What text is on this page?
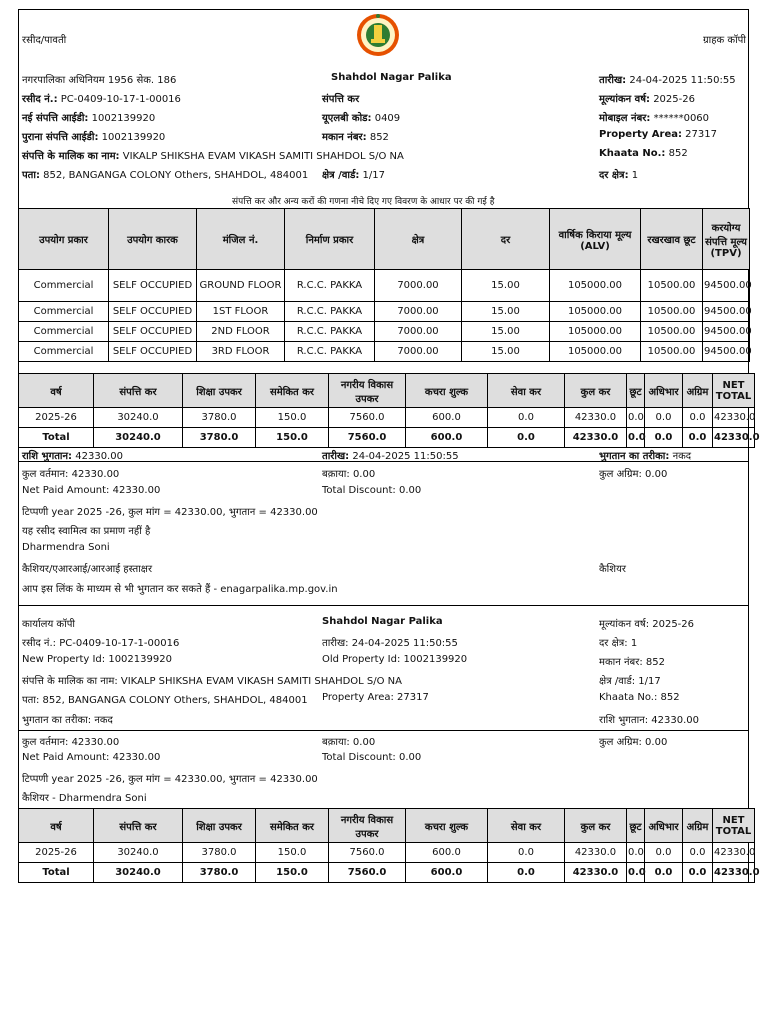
रसीद/पावती	ग्राहक कॉपी
नगरपालिका अधिनियम 1956 सेक. 186	Shahdol Nagar Palika	तारीख: 24-04-2025 11:50:55
रसीद नं.: PC-0409-10-17-1-00016	संपत्ति कर	मूल्यांकन वर्ष: 2025-26
नई संपत्ति आईडी: 1002139920	यूएलबी कोड: 0409	मोबाइल नंबर: ******0060
पुराना संपत्ति आईडी: 1002139920	मकान नंबर: 852	Property Area: 27317
संपत्ति के मालिक का नाम: VIKALP SHIKSHA EVAM VIKASH SAMITI SHAHDOL S/O NA	Khaata No.: 852
पता: 852, BANGANGA COLONY Others, SHAHDOL, 484001 क्षेत्र /वार्ड: 1/17	दर क्षेत्र: 1
संपत्ति कर और अन्य करों की गणना नीचे दिए गए विवरण के आधार पर की गई है
उपयोग प्रकार	उपयोग कारक	मंजिल नं.	निर्माण प्रकार	क्षेत्र	दर	वार्षिक किराया मूल्य (ALV)	रखरखाव छूट	करयोग्य संपत्ति मूल्य (TPV)
Commercial	SELF OCCUPIED	GROUND FLOOR	R.C.C. PAKKA	7000.00	15.00	105000.00	10500.00	94500.00
Commercial	SELF OCCUPIED	1ST FLOOR	R.C.C. PAKKA	7000.00	15.00	105000.00	10500.00	94500.00
Commercial	SELF OCCUPIED	2ND FLOOR	R.C.C. PAKKA	7000.00	15.00	105000.00	10500.00	94500.00
Commercial	SELF OCCUPIED	3RD FLOOR	R.C.C. PAKKA	7000.00	15.00	105000.00	10500.00	94500.00
वर्ष	संपत्ति कर	शिक्षा उपकर	समेकित कर	नगरीय विकास उपकर	कचरा शुल्क	सेवा कर	कुल कर	छूट	अधिभार	अग्रिम	NET TOTAL
2025-26	30240.0	3780.0	150.0	7560.0	600.0	0.0	42330.0	0.0	0.0	0.0	42330.0
Total	30240.0	3780.0	150.0	7560.0	600.0	0.0	42330.0	0.0	0.0	0.0	42330.0
राशि भुगतान: 42330.00	तारीख: 24-04-2025 11:50:55	भुगतान का तरीका: नकद
कुल वर्तमान: 42330.00	बक़ाया: 0.00	कुल अग्रिम: 0.00
Net Paid Amount: 42330.00	Total Discount: 0.00
टिप्पणी year 2025 -26, कुल मांग = 42330.00, भुगतान = 42330.00
यह रसीद स्वामित्व का प्रमाण नहीं है
Dharmendra Soni
कैशियर/एआरआई/आरआई हस्ताक्षर	कैशियर
आप इस लिंक के माध्यम से भी भुगतान कर सकते हैं - enagarpalika.mp.gov.in
कार्यालय कॉपी	Shahdol Nagar Palika	मूल्यांकन वर्ष: 2025-26
रसीद नं.: PC-0409-10-17-1-00016	तारीख: 24-04-2025 11:50:55	दर क्षेत्र: 1
New Property Id: 1002139920	Old Property Id: 1002139920	मकान नंबर: 852
संपत्ति के मालिक का नाम: VIKALP SHIKSHA EVAM VIKASH SAMITI SHAHDOL S/O NA	क्षेत्र /वार्ड: 1/17
पता: 852, BANGANGA COLONY Others, SHAHDOL, 484001 Property Area: 27317	Khaata No.: 852
भुगतान का तरीका: नकद	राशि भुगतान: 42330.00
कुल वर्तमान: 42330.00	बक़ाया: 0.00	कुल अग्रिम: 0.00
Net Paid Amount: 42330.00	Total Discount: 0.00
टिप्पणी year 2025 -26, कुल मांग = 42330.00, भुगतान = 42330.00
कैशियर - Dharmendra Soni
वर्ष	संपत्ति कर	शिक्षा उपकर	समेकित कर	नगरीय विकास उपकर	कचरा शुल्क	सेवा कर	कुल कर	छूट	अधिभार	अग्रिम	NET TOTAL
2025-26	30240.0	3780.0	150.0	7560.0	600.0	0.0	42330.0	0.0	0.0	0.0	42330.0
Total	30240.0	3780.0	150.0	7560.0	600.0	0.0	42330.0	0.0	0.0	0.0	42330.0
